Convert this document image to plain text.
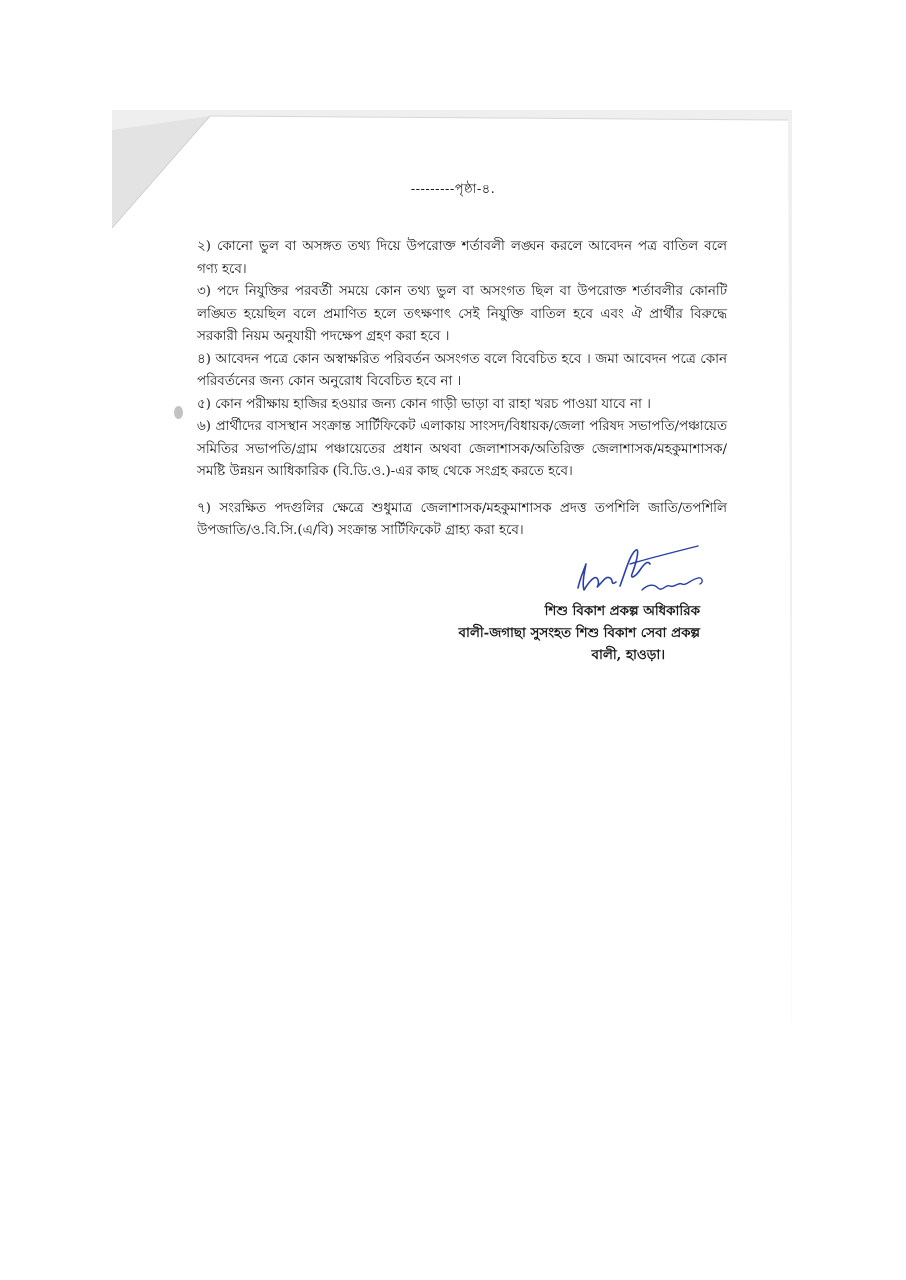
---------পৃষ্ঠা-৪.

২) কোনো ভুল বা অসঙ্গত তথ্য দিয়ে উপরোক্ত শর্তাবলী লঙ্ঘন করলে আবেদন পত্র বাতিল বলে গণ্য হবে।

৩) পদে নিযুক্তির পরবর্তী সময়ে কোন তথ্য ভুল বা অসংগত ছিল বা উপরোক্ত শর্তাবলীর কোনটি লঙ্ঘিত হয়েছিল বলে প্রমাণিত হলে তৎক্ষণাৎ সেই নিযুক্তি বাতিল হবে এবং ঐ প্রার্থীর বিরুদ্ধে সরকারী নিয়ম অনুযায়ী পদক্ষেপ গ্রহণ করা হবে ।

৪) আবেদন পত্রে কোন অস্বাক্ষরিত পরিবর্তন অসংগত বলে বিবেচিত হবে । জমা আবেদন পত্রে কোন পরিবর্তনের জন্য কোন অনুরোধ বিবেচিত হবে না ।

৫) কোন পরীক্ষায় হাজির হওয়ার জন্য কোন গাড়ী ভাড়া বা রাহা খরচ পাওয়া যাবে না ।

৬) প্রার্থীদের বাসস্থান সংক্রান্ত সার্টিফিকেট এলাকায় সাংসদ/বিধায়ক/জেলা পরিষদ সভাপতি/পঞ্চায়েত সমিতির সভাপতি/গ্রাম পঞ্চায়েতের প্রধান অথবা জেলাশাসক/অতিরিক্ত জেলাশাসক/মহকুমাশাসক/সমষ্টি উন্নয়ন আধিকারিক (বি.ডি.ও.)-এর কাছ থেকে সংগ্রহ করতে হবে।

৭) সংরক্ষিত পদগুলির ক্ষেত্রে শুধুমাত্র জেলাশাসক/মহকুমাশাসক প্রদত্ত তপশিলি জাতি/তপশিলি উপজাতি/ও.বি.সি.(এ/বি) সংক্রান্ত সার্টিফিকেট গ্রাহ্য করা হবে।

শিশু বিকাশ প্রকল্প অধিকারিক
বালী-জগাছা সুসংহত শিশু বিকাশ সেবা প্রকল্প
বালী, হাওড়া।
